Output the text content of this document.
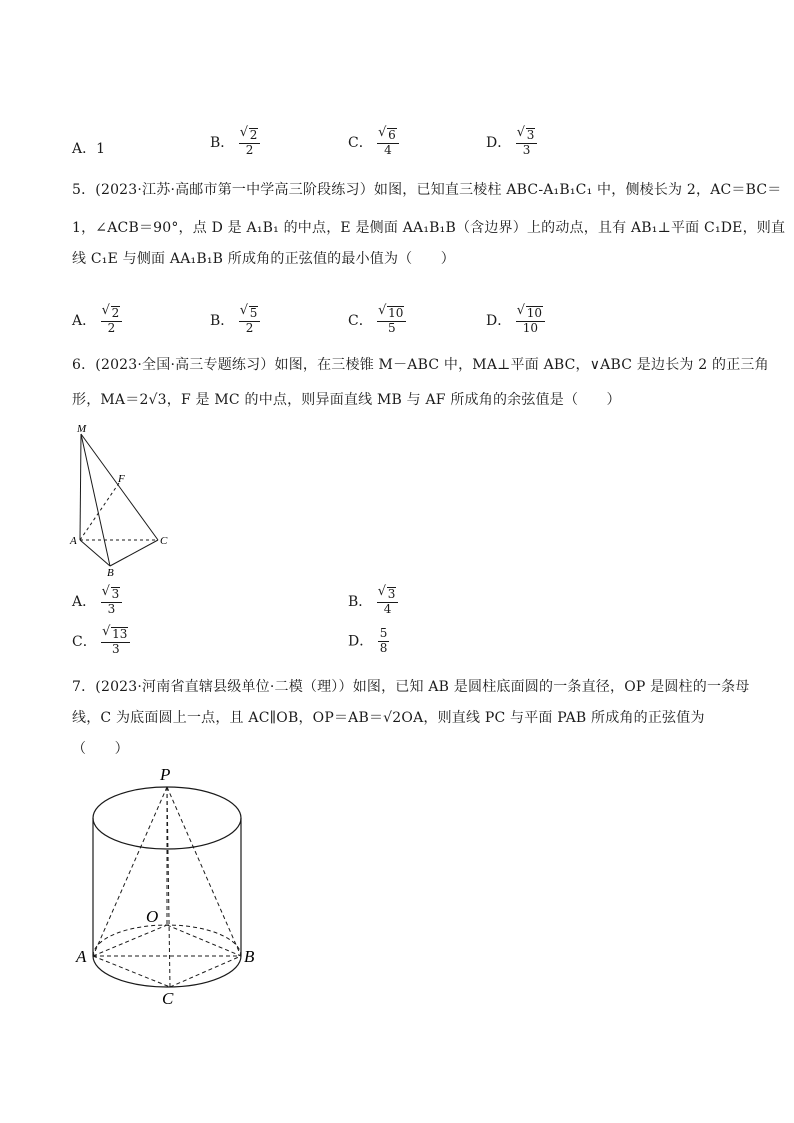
A．1	B． √ $\frac{2}{2}$	C． √ $\frac{6}{4}$	D． √ $\frac{3}{3}$
5．(2023·江苏·高邮市第一中学高三阶段练习）如图，已知直三棱柱 ABC-A₁B₁C₁ 中，侧棱长为 2，AC＝BC＝
1，∠ACB＝90°，点 D 是 A₁B₁ 的中点，E 是侧面 AA₁B₁B（含边界）上的动点，且有 AB₁⊥平面 C₁DE，则直
线 C₁E 与侧面 AA₁B₁B 所成角的正弦值的最小值为（　　）
A． √ $\frac{2}{2}$	B． √ $\frac{5}{2}$	C． √ $\frac{10}{5}$	D． √ $\frac{10}{10}$
6．(2023·全国·高三专题练习）如图，在三棱锥 M－ABC 中，MA⊥平面 ABC，∨ABC 是边长为 2 的正三角
形，MA＝2√3，F 是 MC 的中点，则异面直线 MB 与 AF 所成角的余弦值是（　　）
M
F
A	C
B
A． √ $\frac{3}{3}$	B． √ $\frac{3}{4}$
C． √ $\frac{13}{3}$	D． $\frac{5}{8}$
7．(2023·河南省直辖县级单位·二模（理））如图，已知 AB 是圆柱底面圆的一条直径，OP 是圆柱的一条母
线，C 为底面圆上一点，且 AC∥OB，OP＝AB＝√2OA，则直线 PC 与平面 PAB 所成角的正弦值为
（　　）
P
O
A	B
C
